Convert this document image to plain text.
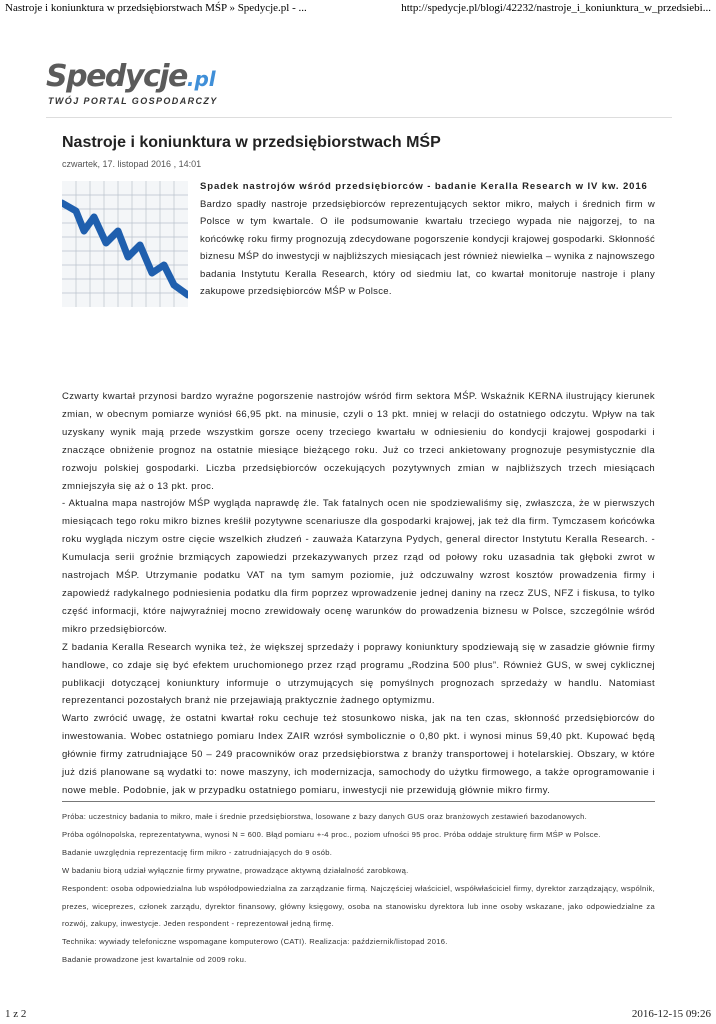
Nastroje i koniunktura w przedsiębiorstwach MŚP » Spedycje.pl - ...	http://spedycje.pl/blogi/42232/nastroje_i_koniunktura_w_przedsiebi...
Spedycje.pl
TWÓJ PORTAL GOSPODARCZY
Nastroje i koniunktura w przedsiębiorstwach MŚP
czwartek, 17. listopad 2016 , 14:01
Spadek nastrojów wśród przedsiębiorców - badanie Keralla Research w IV kw. 2016

Bardzo spadły nastroje przedsiębiorców reprezentujących sektor mikro, małych i średnich firm w Polsce w tym kwartale. O ile podsumowanie kwartału trzeciego wypada nie najgorzej, to na końcówkę roku firmy prognozują zdecydowane pogorszenie kondycji krajowej gospodarki. Skłonność biznesu MŚP do inwestycji w najbliższych miesiącach jest również niewielka – wynika z najnowszego badania Instytutu Keralla Research, który od siedmiu lat, co kwartał monitoruje nastroje i plany zakupowe przedsiębiorców MŚP w Polsce.

Czwarty kwartał przynosi bardzo wyraźne pogorszenie nastrojów wśród firm sektora MŚP. Wskaźnik KERNA ilustrujący kierunek zmian, w obecnym pomiarze wyniósł 66,95 pkt. na minusie, czyli o 13 pkt. mniej w relacji do ostatniego odczytu. Wpływ na tak uzyskany wynik mają przede wszystkim gorsze oceny trzeciego kwartału w odniesieniu do kondycji krajowej gospodarki i znaczące obniżenie prognoz na ostatnie miesiące bieżącego roku. Już co trzeci ankietowany prognozuje pesymistycznie dla rozwoju polskiej gospodarki. Liczba przedsiębiorców oczekujących pozytywnych zmian w najbliższych trzech miesiącach zmniejszyła się aż o 13 pkt. proc.

- Aktualna mapa nastrojów MŚP wygląda naprawdę źle. Tak fatalnych ocen nie spodziewaliśmy się, zwłaszcza, że w pierwszych miesiącach tego roku mikro biznes kreślił pozytywne scenariusze dla gospodarki krajowej, jak też dla firm. Tymczasem końcówka roku wygląda niczym ostre cięcie wszelkich złudzeń - zauważa Katarzyna Pydych, general director Instytutu Keralla Research. - Kumulacja serii groźnie brzmiących zapowiedzi przekazywanych przez rząd od połowy roku uzasadnia tak głęboki zwrot w nastrojach MŚP. Utrzymanie podatku VAT na tym samym poziomie, już odczuwalny wzrost kosztów prowadzenia firmy i zapowiedź radykalnego podniesienia podatku dla firm poprzez wprowadzenie jednej daniny na rzecz ZUS, NFZ i fiskusa, to tylko część informacji, które najwyraźniej mocno zrewidowały ocenę warunków do prowadzenia biznesu w Polsce, szczególnie wśród mikro przedsiębiorców.

Z badania Keralla Research wynika też, że większej sprzedaży i poprawy koniunktury spodziewają się w zasadzie głównie firmy handlowe, co zdaje się być efektem uruchomionego przez rząd programu „Rodzina 500 plus”. Również GUS, w swej cyklicznej publikacji dotyczącej koniunktury informuje o utrzymujących się pomyślnych prognozach sprzedaży w handlu. Natomiast reprezentanci pozostałych branż nie przejawiają praktycznie żadnego optymizmu.

Warto zwrócić uwagę, że ostatni kwartał roku cechuje też stosunkowo niska, jak na ten czas, skłonność przedsiębiorców do inwestowania. Wobec ostatniego pomiaru Index ZAIR wzrósł symbolicznie o 0,80 pkt. i wynosi minus 59,40 pkt. Kupować będą głównie firmy zatrudniające 50 – 249 pracowników oraz przedsiębiorstwa z branży transportowej i hotelarskiej. Obszary, w które już dziś planowane są wydatki to: nowe maszyny, ich modernizacja, samochody do użytku firmowego, a także oprogramowanie i nowe meble. Podobnie, jak w przypadku ostatniego pomiaru, inwestycji nie przewidują głównie mikro firmy.

Próba: uczestnicy badania to mikro, małe i średnie przedsiębiorstwa, losowane z bazy danych GUS oraz branżowych zestawień bazodanowych.

Próba ogólnopolska, reprezentatywna, wynosi N = 600. Błąd pomiaru +-4 proc., poziom ufności 95 proc. Próba oddaje strukturę firm MŚP w Polsce.

Badanie uwzględnia reprezentację firm mikro - zatrudniających do 9 osób.

W badaniu biorą udział wyłącznie firmy prywatne, prowadzące aktywną działalność zarobkową.

Respondent: osoba odpowiedzialna lub współodpowiedzialna za zarządzanie firmą. Najczęściej właściciel, współwłaściciel firmy, dyrektor zarządzający, wspólnik, prezes, wiceprezes, członek zarządu, dyrektor finansowy, główny księgowy, osoba na stanowisku dyrektora lub inne osoby wskazane, jako odpowiedzialne za rozwój, zakupy, inwestycje. Jeden respondent - reprezentował jedną firmę.

Technika: wywiady telefoniczne wspomagane komputerowo (CATI). Realizacja: październik/listopad 2016.

Badanie prowadzone jest kwartalnie od 2009 roku.

1 z 2	2016-12-15 09:26
